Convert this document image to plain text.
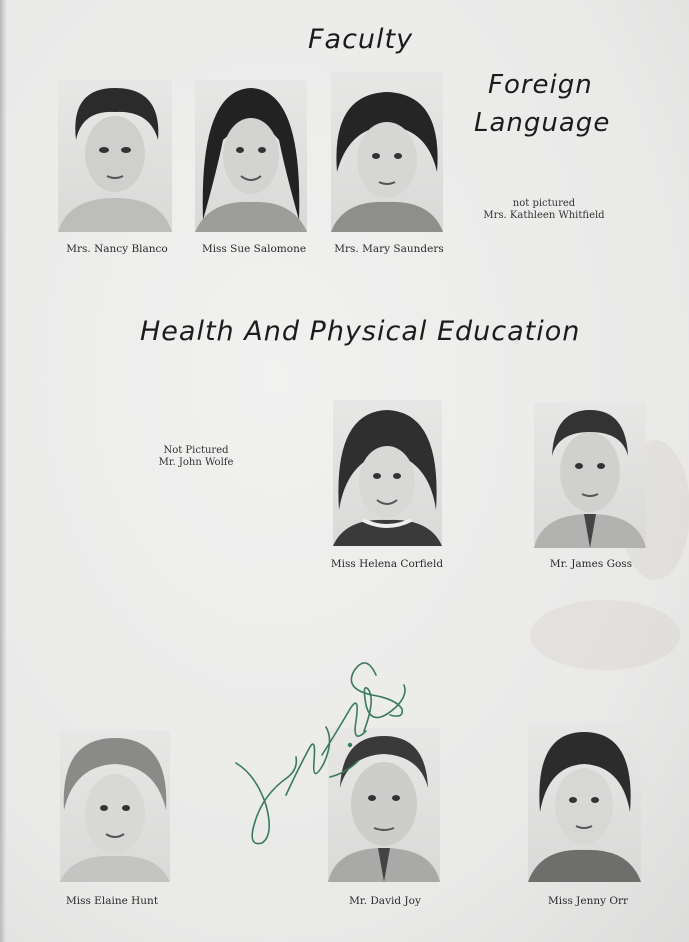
Faculty
Foreign
Language
Mrs. Nancy Blanco	Miss Sue Salomone	Mrs. Mary Saunders
not pictured
Mrs. Kathleen Whitfield
Health And Physical Education
Not Pictured
Mr. John Wolfe
Miss Helena Corfield	Mr. James Goss
Miss Elaine Hunt	Mr. David Joy	Miss Jenny Orr
